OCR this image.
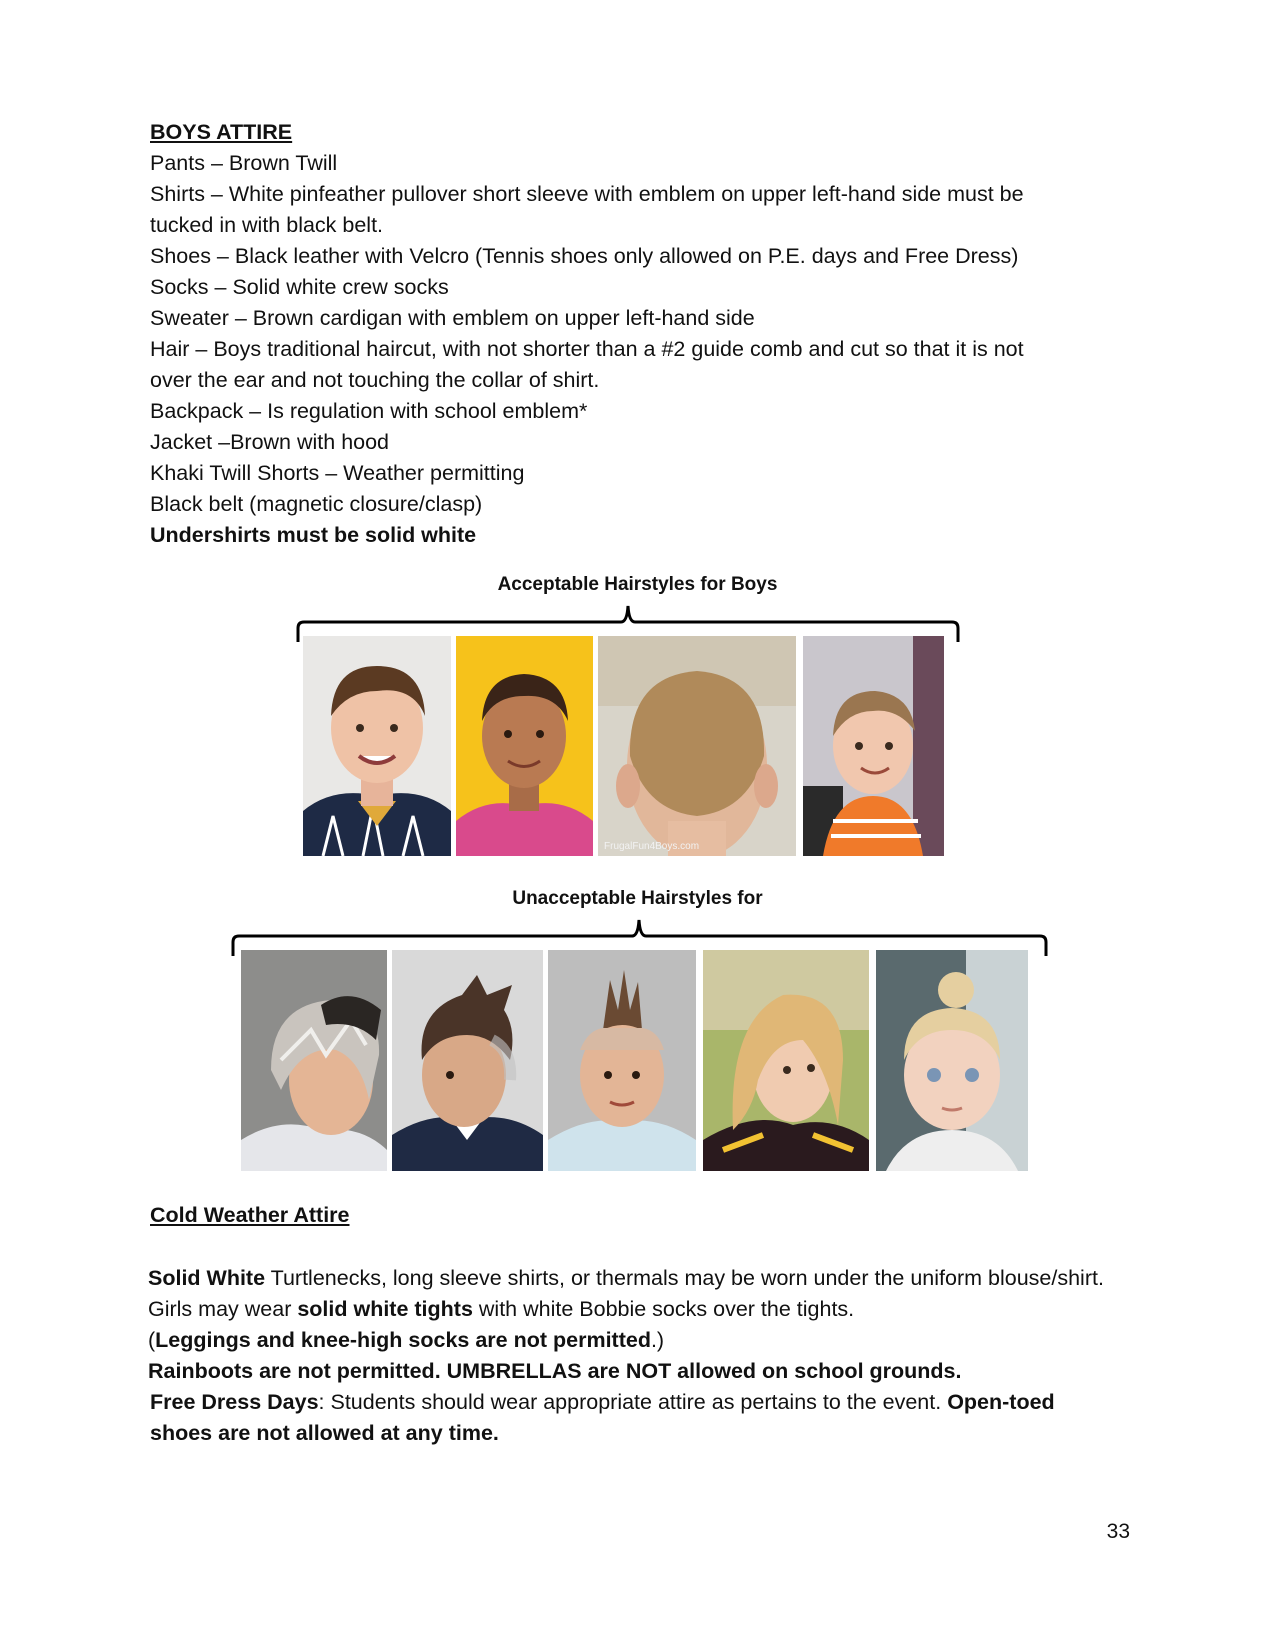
BOYS ATTIRE
Pants – Brown Twill
Shirts – White pinfeather pullover short sleeve with emblem on upper left-hand side must be
tucked in with black belt.
Shoes – Black leather with Velcro (Tennis shoes only allowed on P.E. days and Free Dress)
Socks – Solid white crew socks
Sweater – Brown cardigan with emblem on upper left-hand side
Hair – Boys traditional haircut, with not shorter than a #2 guide comb and cut so that it is not
over the ear and not touching the collar of shirt.
Backpack – Is regulation with school emblem*
Jacket –Brown with hood
Khaki Twill Shorts – Weather permitting
Black belt (magnetic closure/clasp)
Undershirts must be solid white
Acceptable Hairstyles for Boys
FrugalFun4Boys.com
Unacceptable Hairstyles for
Cold Weather Attire
Solid White Turtlenecks, long sleeve shirts, or thermals may be worn under the uniform blouse/shirt.
Girls may wear solid white tights with white Bobbie socks over the tights.
(Leggings and knee-high socks are not permitted.)
Rainboots are not permitted. UMBRELLAS are NOT allowed on school grounds.
Free Dress Days: Students should wear appropriate attire as pertains to the event. Open-toed
shoes are not allowed at any time.
33
